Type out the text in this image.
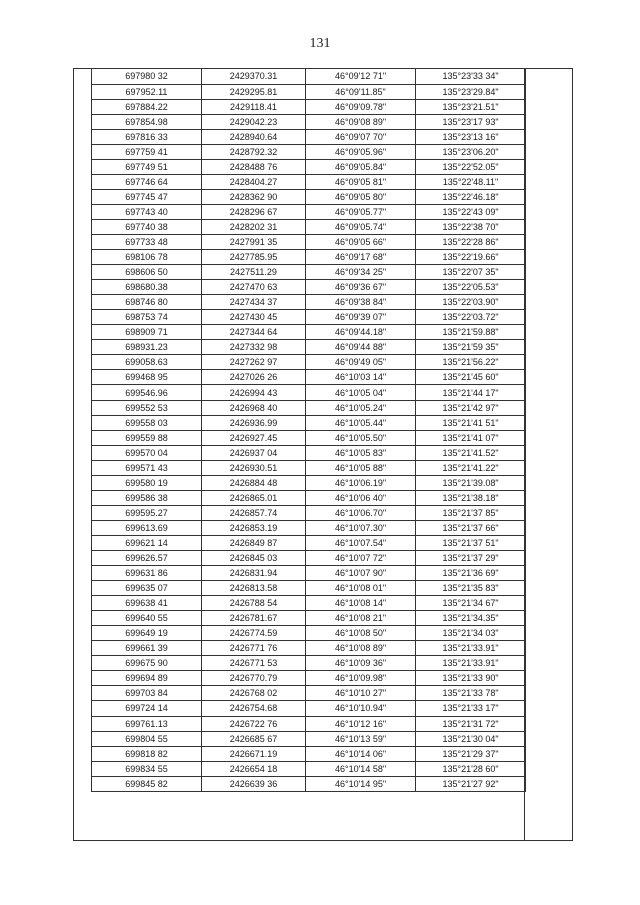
131
697980 32	2429370.31	46°09'12 71"	135°23'33 34"
697952.11	2429295.81	46°09'11.85"	135°23'29.84"
697884.22	2429118.41	46°09'09.78"	135°23'21.51"
697854.98	2429042.23	46°09'08 89"	135°23'17 93"
697816 33	2428940.64	46°09'07 70"	135°23'13 16"
697759 41	2428792.32	46°09'05.96"	135°23'06.20"
697749 51	2428488 76	46°09'05.84"	135°22'52.05"
697746 64	2428404.27	46°09'05 81"	135°22'48.11"
697745 47	2428362 90	46°09'05 80"	135°22'46.18"
697743 40	2428296 67	46°09'05.77"	135°22'43 09"
697740 38	2428202 31	46°09'05.74"	135°22'38 70"
697733 48	2427991 35	46°09'05 66"	135°22'28 86"
698106 78	2427785.95	46°09'17 68"	135°22'19.66"
698606 50	2427511.29	46°09'34 25"	135°22'07 35"
698680.38	2427470 63	46°09'36 67"	135°22'05.53"
698746 80	2427434 37	46°09'38 84"	135°22'03.90"
698753 74	2427430 45	46°09'39 07"	135°22'03.72"
698909 71	2427344 64	46°09'44.18"	135°21'59.88"
698931.23	2427332 98	46°09'44 88"	135°21'59 35"
699058.63	2427262 97	46°09'49 05"	135°21'56.22"
699468 95	2427026 26	46°10'03 14"	135°21'45 60"
699546.96	2426994 43	46°10'05 04"	135°21'44 17"
699552 53	2426968 40	46°10'05.24"	135°21'42 97"
699558 03	2426936.99	46°10'05.44"	135°21'41 51"
699559 88	2426927.45	46°10'05.50"	135°21'41 07"
699570 04	2426937 04	46°10'05 83"	135°21'41.52"
699571 43	2426930.51	46°10'05 88"	135°21'41.22"
699580 19	2426884 48	46°10'06.19"	135°21'39.08"
699586 38	2426865.01	46°10'06 40"	135°21'38.18"
699595.27	2426857.74	46°10'06.70"	135°21'37 85"
699613.69	2426853.19	46°10'07.30"	135°21'37 66"
699621 14	2426849 87	46°10'07.54"	135°21'37 51"
699626.57	2426845 03	46°10'07 72"	135°21'37 29"
699631 86	2426831.94	46°10'07 90"	135°21'36 69"
699635 07	2426813.58	46°10'08 01"	135°21'35 83"
699638 41	2426788 54	46°10'08 14"	135°21'34 67"
699640 55	2426781.67	46°10'08 21"	135°21'34.35"
699649 19	2426774.59	46°10'08 50"	135°21'34 03"
699661 39	2426771 76	46°10'08 89"	135°21'33.91"
699675 90	2426771 53	46°10'09 36"	135°21'33.91"
699694 89	2426770.79	46°10'09.98"	135°21'33 90"
699703 84	2426768 02	46°10'10 27"	135°21'33 78"
699724 14	2426754.68	46°10'10.94"	135°21'33 17"
699761.13	2426722 76	46°10'12 16"	135°21'31 72"
699804 55	2426685 67	46°10'13 59"	135°21'30 04"
699818 82	2426671.19	46°10'14 06"	135°21'29 37"
699834 55	2426654 18	46°10'14 58"	135°21'28 60"
699845 82	2426639 36	46°10'14 95"	135°21'27 92"
